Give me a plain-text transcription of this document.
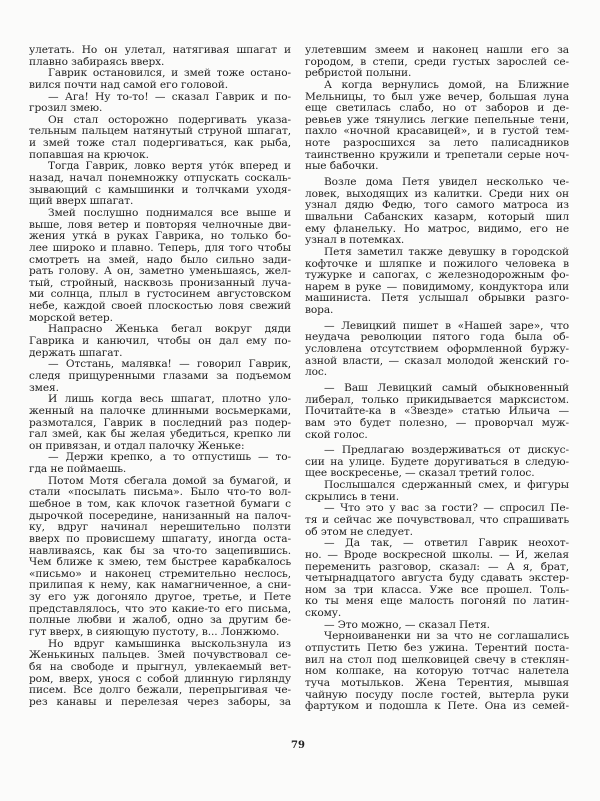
улетать. Но он улетал, натягивая шпагат и
плавно забираясь вверх.
Гаврик остановился, и змей тоже остано-
вился почти над самой его головой.
— Ага! Ну то-то! — сказал Гаврик и по-
грозил змею.
Он стал осторожно подергивать указа-
тельным пальцем натянутый струной шпагат,
и змей тоже стал подергиваться, как рыба,
попавшая на крючок.
Тогда Гаврик, ловко вертя уто́к вперед и
назад, начал понемножку отпускать соскаль-
зывающий с камышинки и толчками уходя-
щий вверх шпагат.
Змей послушно поднимался все выше и
выше, ловя ветер и повторяя челночные дви-
жения утка́ в руках Гаврика, но только бо-
лее широко и плавно. Теперь, для того чтобы
смотреть на змей, надо было сильно зади-
рать голову. А он, заметно уменьшаясь, жел-
тый, стройный, насквозь пронизанный луча-
ми солнца, плыл в густосинем августовском
небе, каждой своей плоскостью ловя свежий
морской ветер.
Напрасно Женька бегал вокруг дяди
Гаврика и канючил, чтобы он дал ему по-
держать шпагат.
— Отстань, малявка! — говорил Гаврик,
следя прищуренными глазами за подъемом
змея.
И лишь когда весь шпагат, плотно уло-
женный на палочке длинными восьмерками,
размотался, Гаврик в последний раз подер-
гал змей, как бы желая убедиться, крепко ли
он привязан, и отдал палочку Женьке:
— Держи крепко, а то отпустишь — то-
гда не поймаешь.
Потом Мотя сбегала домой за бумагой, и
стали «посылать письма». Было что-то вол-
шебное в том, как клочок газетной бумаги с
дырочкой посередине, нанизанный на палоч-
ку, вдруг начинал нерешительно ползти
вверх по провисшему шпагату, иногда оста-
навливаясь, как бы за что-то зацепившись.
Чем ближе к змею, тем быстрее карабкалось
«письмо» и наконец стремительно неслось,
прилипая к нему, как намагниченное, а сни-
зу его уж догоняло другое, третье, и Пете
представлялось, что это какие-то его письма,
полные любви и жалоб, одно за другим бе-
гут вверх, в сияющую пустоту, в... Лонжюмо.
Но вдруг камышинка выскользнула из
Женькиных пальцев. Змей почувствовал се-
бя на свободе и прыгнул, увлекаемый вет-
ром, вверх, унося с собой длинную гирлянду
писем. Все долго бежали, перепрыгивая че-
рез канавы и перелезая через заборы, за
улетевшим змеем и наконец нашли его за
городом, в степи, среди густых зарослей се-
ребристой полыни.
А когда вернулись домой, на Ближние
Мельницы, то был уже вечер, большая луна
еще светилась слабо, но от заборов и де-
ревьев уже тянулись легкие пепельные тени,
пахло «ночной красавицей», и в густой тем-
ноте разросшихся за лето палисадников
таинственно кружили и трепетали серые ноч-
ные бабочки.
Возле дома Петя увидел несколько че-
ловек, выходящих из калитки. Среди них он
узнал дядю Федю, того самого матроса из
швальни Сабанских казарм, который шил
ему фланельку. Но матрос, видимо, его не
узнал в потемках.
Петя заметил также девушку в городской
кофточке и шляпке и пожилого человека в
тужурке и сапогах, с железнодорожным фо-
нарем в руке — повидимому, кондуктора или
машиниста. Петя услышал обрывки разго-
вора.
— Левицкий пишет в «Нашей заре», что
неудача революции пятого года была об-
условлена отсутствием оформленной буржу-
азной власти, — сказал молодой женский го-
лос.
— Ваш Левицкий самый обыкновенный
либерал, только прикидывается марксистом.
Почитайте-ка в «Звезде» статью Ильича —
вам это будет полезно, — проворчал муж-
ской голос.
— Предлагаю воздерживаться от дискус-
сии на улице. Будете доругиваться в следую-
щее воскресенье, — сказал третий голос.
Послышался сдержанный смех, и фигуры
скрылись в тени.
— Что это у вас за гости? — спросил Пе-
тя и сейчас же почувствовал, что спрашивать
об этом не следует.
— Да так, — ответил Гаврик неохот-
но. — Вроде воскресной школы. — И, желая
переменить разговор, сказал: — А я, брат,
четырнадцатого августа буду сдавать экстер-
ном за три класса. Уже все прошел. Толь-
ко ты меня еще малость погоняй по латин-
скому.
— Это можно, — сказал Петя.
Черноиваненки ни за что не соглашались
отпустить Петю без ужина. Терентий поста-
вил на стол под шелковицей свечу в стеклян-
ном колпаке, на которую тотчас налетела
туча мотыльков. Жена Терентия, мывшая
чайную посуду после гостей, вытерла руки
фартуком и подошла к Пете. Она из семей-
79
